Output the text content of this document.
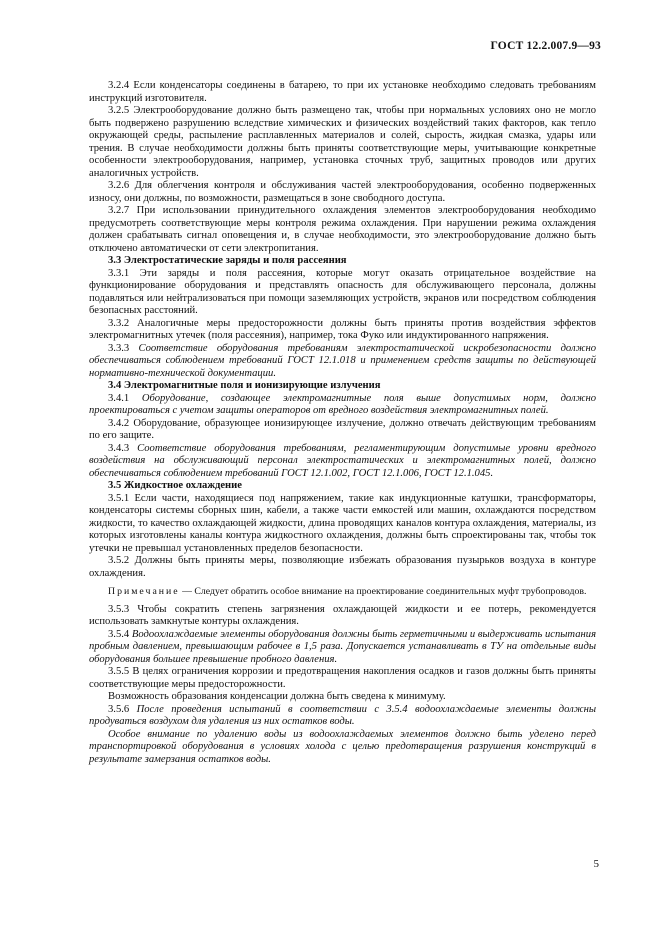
ГОСТ 12.2.007.9—93

3.2.4 Если конденсаторы соединены в батарею, то при их установке необходимо следовать требованиям инструкций изготовителя.

3.2.5 Электрооборудование должно быть размещено так, чтобы при нормальных условиях оно не могло быть подвержено разрушению вследствие химических и физических воздействий таких факторов, как тепло окружающей среды, распыление расплавленных материалов и солей, сырость, жидкая смазка, удары или трения. В случае необходимости должны быть приняты соответствующие меры, учитывающие конкретные особенности электрооборудования, например, установка сточных труб, защитных проводов или других аналогичных устройств.

3.2.6 Для облегчения контроля и обслуживания частей электрооборудования, особенно подверженных износу, они должны, по возможности, размещаться в зоне свободного доступа.

3.2.7 При использовании принудительного охлаждения элементов электрооборудования необходимо предусмотреть соответствующие меры контроля режима охлаждения. При нарушении режима охлаждения должен срабатывать сигнал оповещения и, в случае необходимости, это электрооборудование должно быть отключено автоматически от сети электропитания.

3.3 Электростатические заряды и поля рассеяния

3.3.1 Эти заряды и поля рассеяния, которые могут оказать отрицательное воздействие на функционирование оборудования и представлять опасность для обслуживающего персонала, должны подавляться или нейтрализоваться при помощи заземляющих устройств, экранов или посредством соблюдения безопасных расстояний.

3.3.2 Аналогичные меры предосторожности должны быть приняты против воздействия эффектов электромагнитных утечек (поля рассеяния), например, тока Фуко или индуктированного напряжения.

3.3.3 Соответствие оборудования требованиям электростатической искробезопасности должно обеспечиваться соблюдением требований ГОСТ 12.1.018 и применением средств защиты по действующей нормативно-технической документации.

3.4 Электромагнитные поля и ионизирующие излучения

3.4.1 Оборудование, создающее электромагнитные поля выше допустимых норм, должно проектироваться с учетом защиты операторов от вредного воздействия электромагнитных полей.

3.4.2 Оборудование, образующее ионизирующее излучение, должно отвечать действующим требованиям по его защите.

3.4.3 Соответствие оборудования требованиям, регламентирующим допустимые уровни вредного воздействия на обслуживающий персонал электростатических и электромагнитных полей, должно обеспечиваться соблюдением требований ГОСТ 12.1.002, ГОСТ 12.1.006, ГОСТ 12.1.045.

3.5 Жидкостное охлаждение

3.5.1 Если части, находящиеся под напряжением, такие как индукционные катушки, трансформаторы, конденсаторы системы сборных шин, кабели, а также части емкостей или машин, охлаждаются посредством жидкости, то качество охлаждающей жидкости, длина проводящих каналов контура охлаждения, материалы, из которых изготовлены каналы контура жидкостного охлаждения, должны быть спроектированы так, чтобы ток утечки не превышал установленных пределов безопасности.

3.5.2 Должны быть приняты меры, позволяющие избежать образования пузырьков воздуха в контуре охлаждения.

Примечание — Следует обратить особое внимание на проектирование соединительных муфт трубопроводов.

3.5.3 Чтобы сократить степень загрязнения охлаждающей жидкости и ее потерь, рекомендуется использовать замкнутые контуры охлаждения.

3.5.4 Водоохлаждаемые элементы оборудования должны быть герметичными и выдерживать испытания пробным давлением, превышающим рабочее в 1,5 раза. Допускается устанавливать в ТУ на отдельные виды оборудования большее превышение пробного давления.

3.5.5 В целях ограничения коррозии и предотвращения накопления осадков и газов должны быть приняты соответствующие меры предосторожности.

Возможность образования конденсации должна быть сведена к минимуму.

3.5.6 После проведения испытаний в соответствии с 3.5.4 водоохлаждаемые элементы должны продуваться воздухом для удаления из них остатков воды.

Особое внимание по удалению воды из водоохлаждаемых элементов должно быть уделено перед транспортировкой оборудования в условиях холода с целью предотвращения разрушения конструкций в результате замерзания остатков воды.

5
